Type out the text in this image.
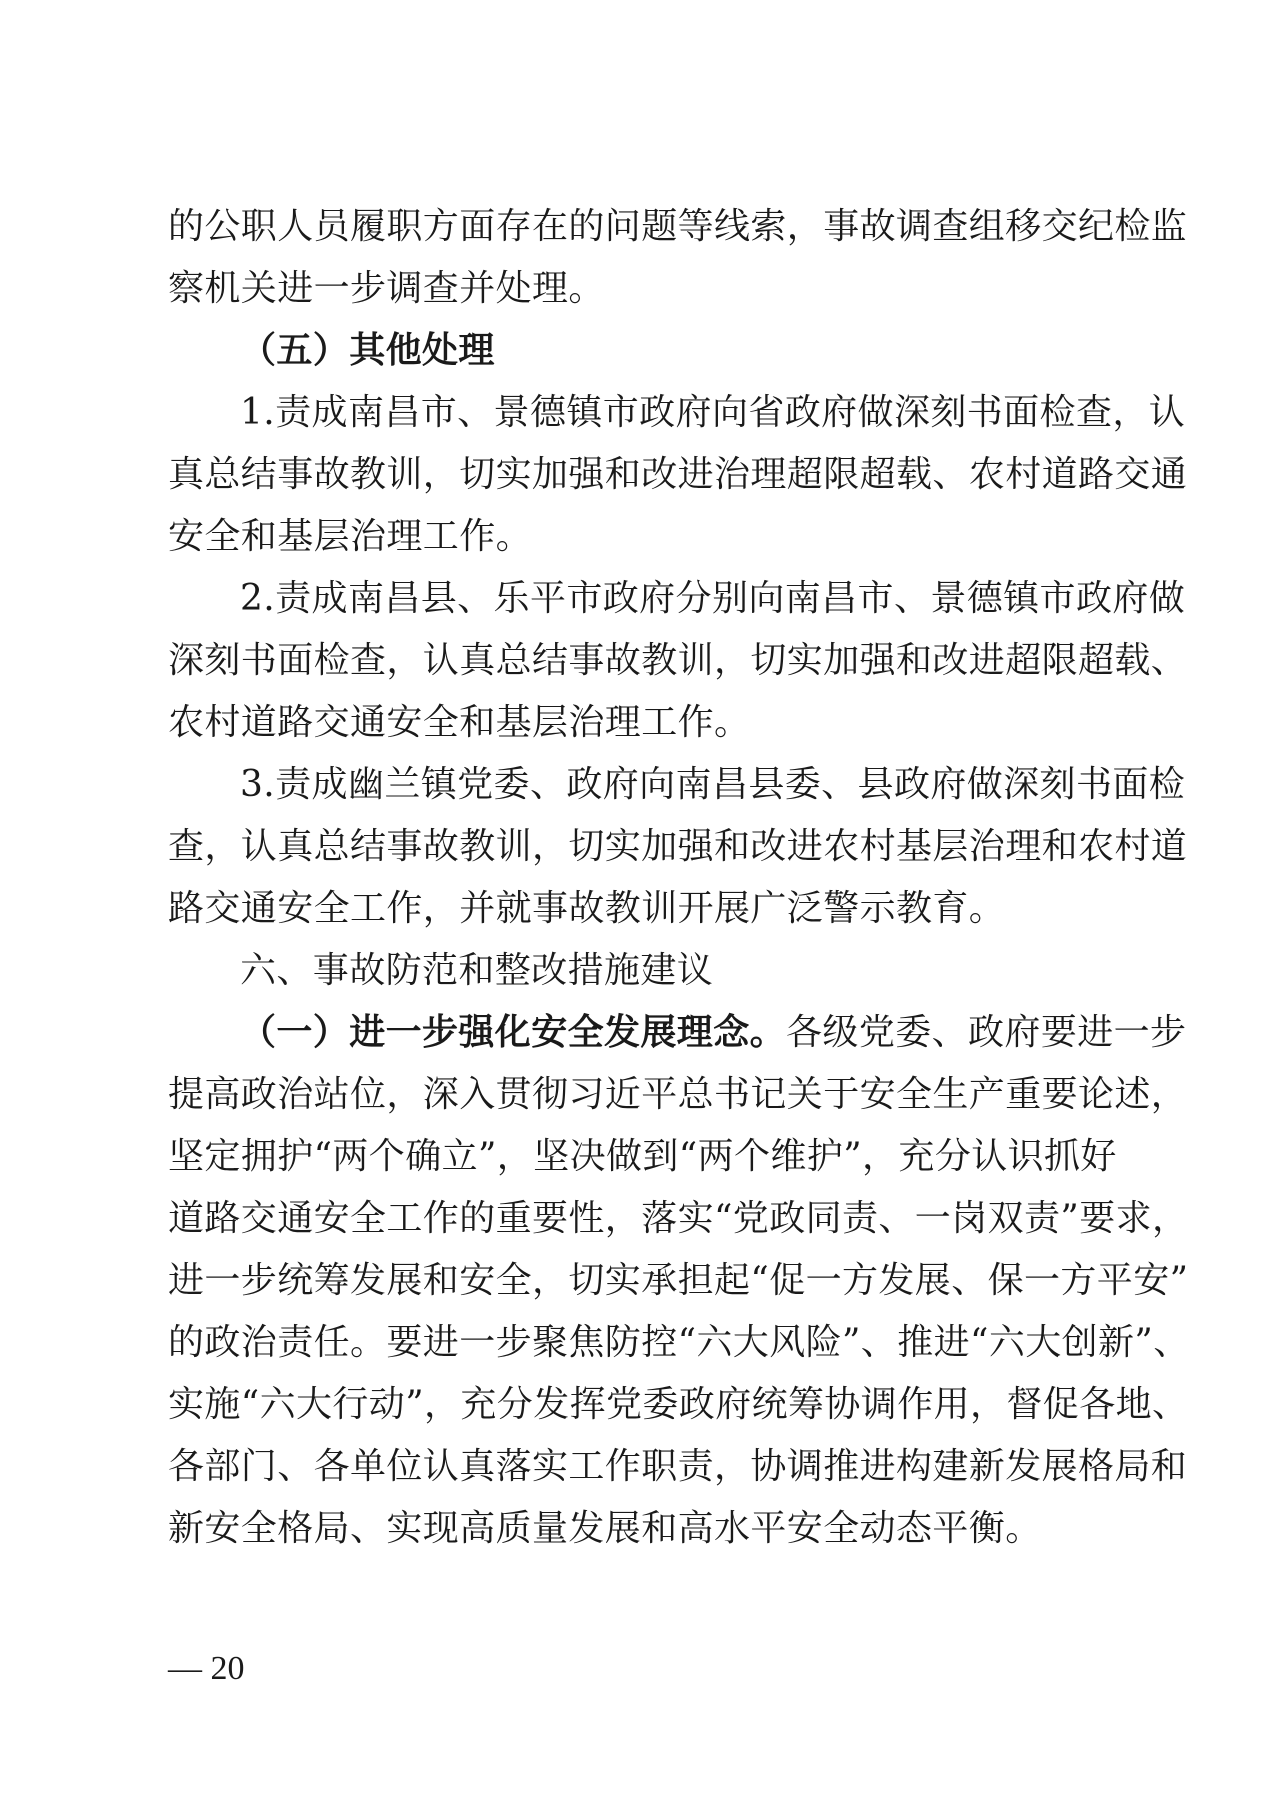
的公职人员履职方面存在的问题等线索，事故调查组移交纪检监
察机关进一步调查并处理。
（五）其他处理
1.责成南昌市、景德镇市政府向省政府做深刻书面检查，认
真总结事故教训，切实加强和改进治理超限超载、农村道路交通
安全和基层治理工作。
2.责成南昌县、乐平市政府分别向南昌市、景德镇市政府做
深刻书面检查，认真总结事故教训，切实加强和改进超限超载、
农村道路交通安全和基层治理工作。
3.责成幽兰镇党委、政府向南昌县委、县政府做深刻书面检
查，认真总结事故教训，切实加强和改进农村基层治理和农村道
路交通安全工作，并就事故教训开展广泛警示教育。
六、事故防范和整改措施建议
（一）进一步强化安全发展理念。各级党委、政府要进一步
提高政治站位，深入贯彻习近平总书记关于安全生产重要论述，
坚定拥护“两个确立”，坚决做到“两个维护”，充分认识抓好
道路交通安全工作的重要性，落实“党政同责、一岗双责”要求，
进一步统筹发展和安全，切实承担起“促一方发展、保一方平安”
的政治责任。要进一步聚焦防控“六大风险”、推进“六大创新”、
实施“六大行动”，充分发挥党委政府统筹协调作用，督促各地、
各部门、各单位认真落实工作职责，协调推进构建新发展格局和
新安全格局、实现高质量发展和高水平安全动态平衡。
— 20
